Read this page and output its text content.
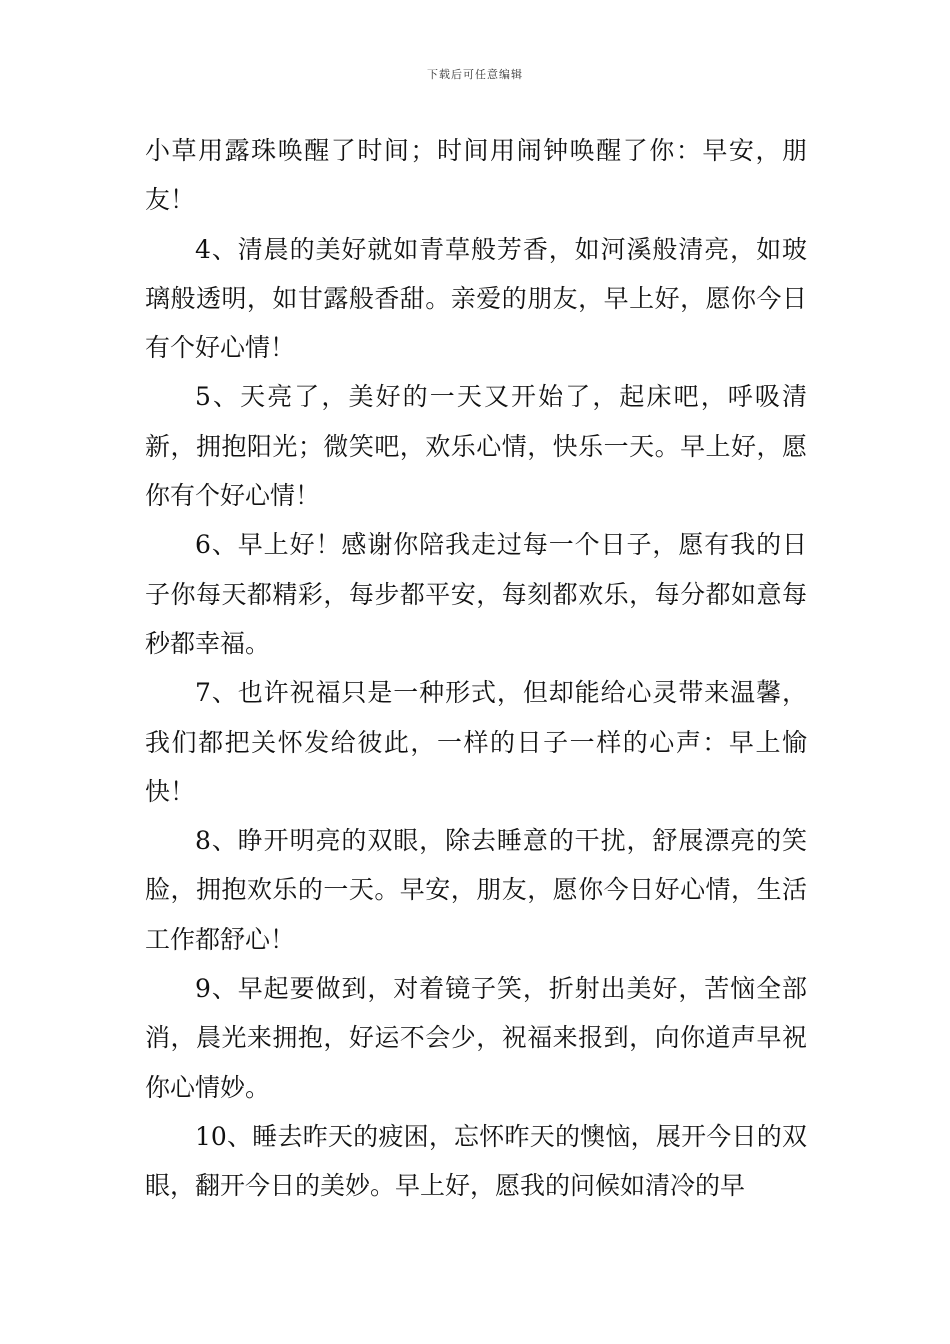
下载后可任意编辑

小草用露珠唤醒了时间；时间用闹钟唤醒了你：早安，朋友！

4、清晨的美好就如青草般芳香，如河溪般清亮，如玻璃般透明，如甘露般香甜。亲爱的朋友，早上好，愿你今日有个好心情！

5、天亮了，美好的一天又开始了，起床吧，呼吸清新，拥抱阳光；微笑吧，欢乐心情，快乐一天。早上好，愿你有个好心情！

6、早上好！感谢你陪我走过每一个日子，愿有我的日子你每天都精彩，每步都平安，每刻都欢乐，每分都如意每秒都幸福。

7、也许祝福只是一种形式，但却能给心灵带来温馨，我们都把关怀发给彼此，一样的日子一样的心声：早上愉快！

8、睁开明亮的双眼，除去睡意的干扰，舒展漂亮的笑脸，拥抱欢乐的一天。早安，朋友，愿你今日好心情，生活工作都舒心！

9、早起要做到，对着镜子笑，折射出美好，苦恼全部消，晨光来拥抱，好运不会少，祝福来报到，向你道声早祝你心情妙。

10、睡去昨天的疲困，忘怀昨天的懊恼，展开今日的双眼，翻开今日的美妙。早上好，愿我的问候如清冷的早
